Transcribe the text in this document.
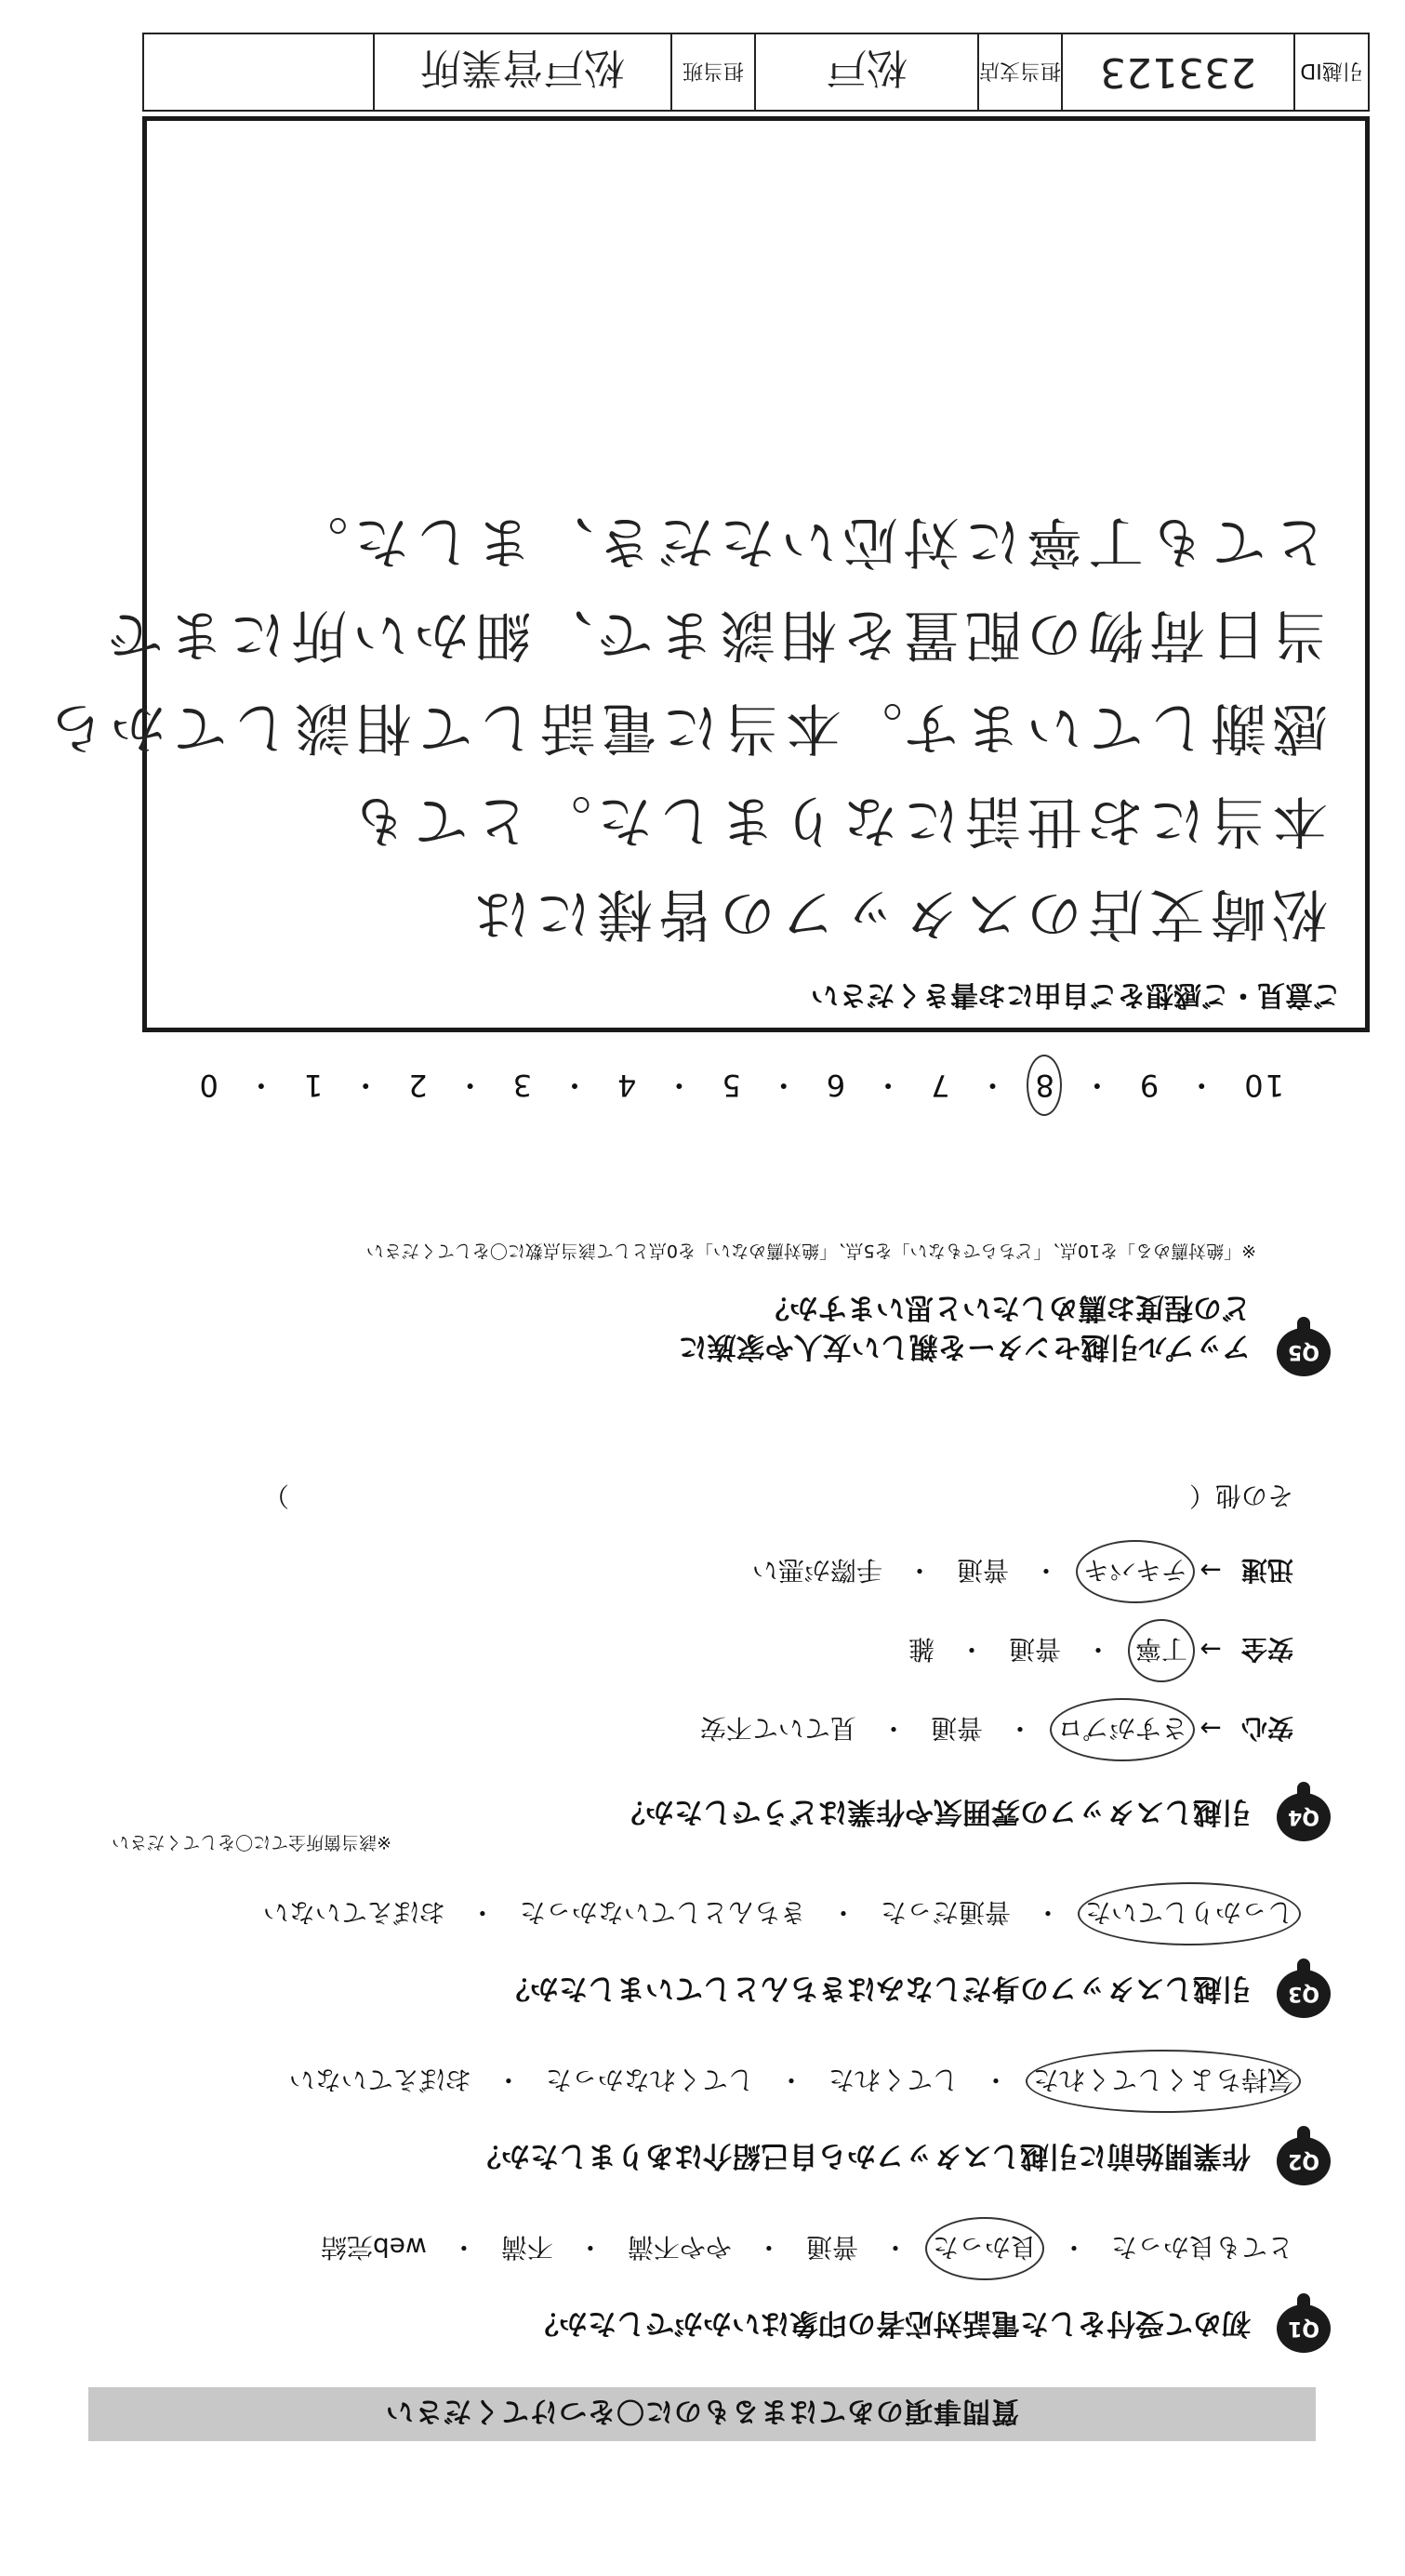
質問事項のあてはまるものに〇をつけてください
Q1
初めて受付をした電話対応者の印象はいかがでしたか？
とても良かった
・
良かった
・
普通
・
やや不満
・
不満
・
web完結
Q2
作業開始前に引越しスタッフから自己紹介はありましたか？
気持ちよくしてくれた
・
してくれた
・
してくれなかった
・
おぼえていない
Q3
引越しスタッフの身だしなみはきちんとしていましたか？
しっかりしていた
・
普通だった
・
きちんとしていなかった
・
おぼえていない
Q4
引越しスタッフの雰囲気や作業はどうでしたか？
※該当箇所全てに〇をしてください
安心→さすがプロ・普通・見ていて不安
安全→丁寧・普通・雑
迅速→テキパキ・普通・手際が悪い
その他（
）
Q5
アップル引越センターを親しい友人や家族に
どの程度お薦めしたいと思いますか？
※「絶対薦める」を10点、「どちらでもない」を5点、「絶対薦めない」を0点として該当点数に〇をしてください
10・9・8・7・6・5・4・3・2・1・0
ご意見・ご感想をご自由にお書きください
松崎支店のスタッフの皆様には
本当にお世話になりました。とても
感謝しています。本当に電話して相談してから
当日荷物の配置を相談まで、細かい所にまで
とても丁寧に対応いただき、ました。
引越ID
233123
担当支店
松戸
担当班
松戸営業所
